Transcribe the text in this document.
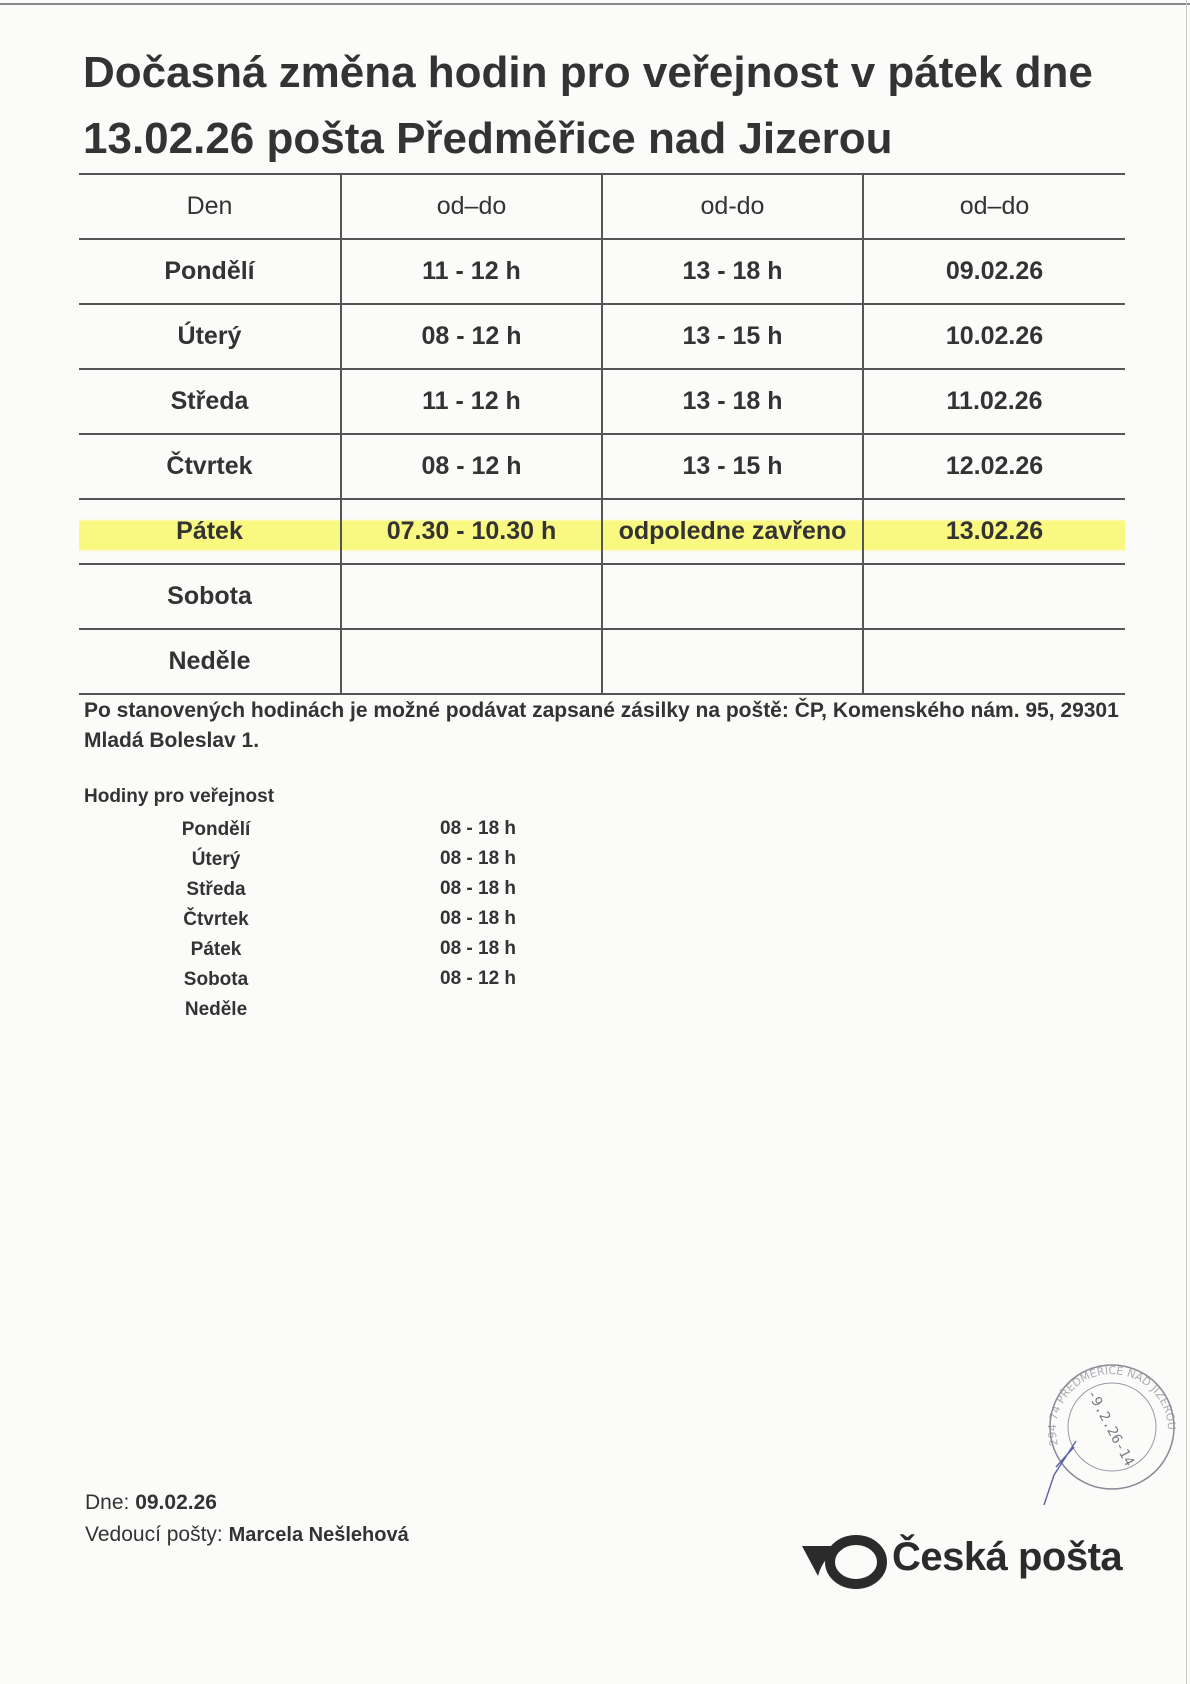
Dočasná změna hodin pro veřejnost v pátek dne 13.02.26 pošta Předměřice nad Jizerou
Den	od–do	od-do	od–do
Pondělí	11 - 12 h	13 - 18 h	09.02.26
Úterý	08 - 12 h	13 - 15 h	10.02.26
Středa	11 - 12 h	13 - 18 h	11.02.26
Čtvrtek	08 - 12 h	13 - 15 h	12.02.26
Pátek	07.30 - 10.30 h	odpoledne zavřeno	13.02.26
Sobota			
Neděle			

Po stanovených hodinách je možné podávat zapsané zásilky na poště: ČP, Komenského nám. 95, 29301 Mladá Boleslav 1.

Hodiny pro veřejnost

Pondělí	08 - 18 h
Úterý	08 - 18 h
Středa	08 - 18 h
Čtvrtek	08 - 18 h
Pátek	08 - 18 h
Sobota	08 - 12 h
Neděle
Dne: 09.02.26
Vedoucí pošty: Marcela Nešlehová
-9.2.26-14
294 74 PŘEDMĚŘICE NAD JIZEROU
Česká pošta
